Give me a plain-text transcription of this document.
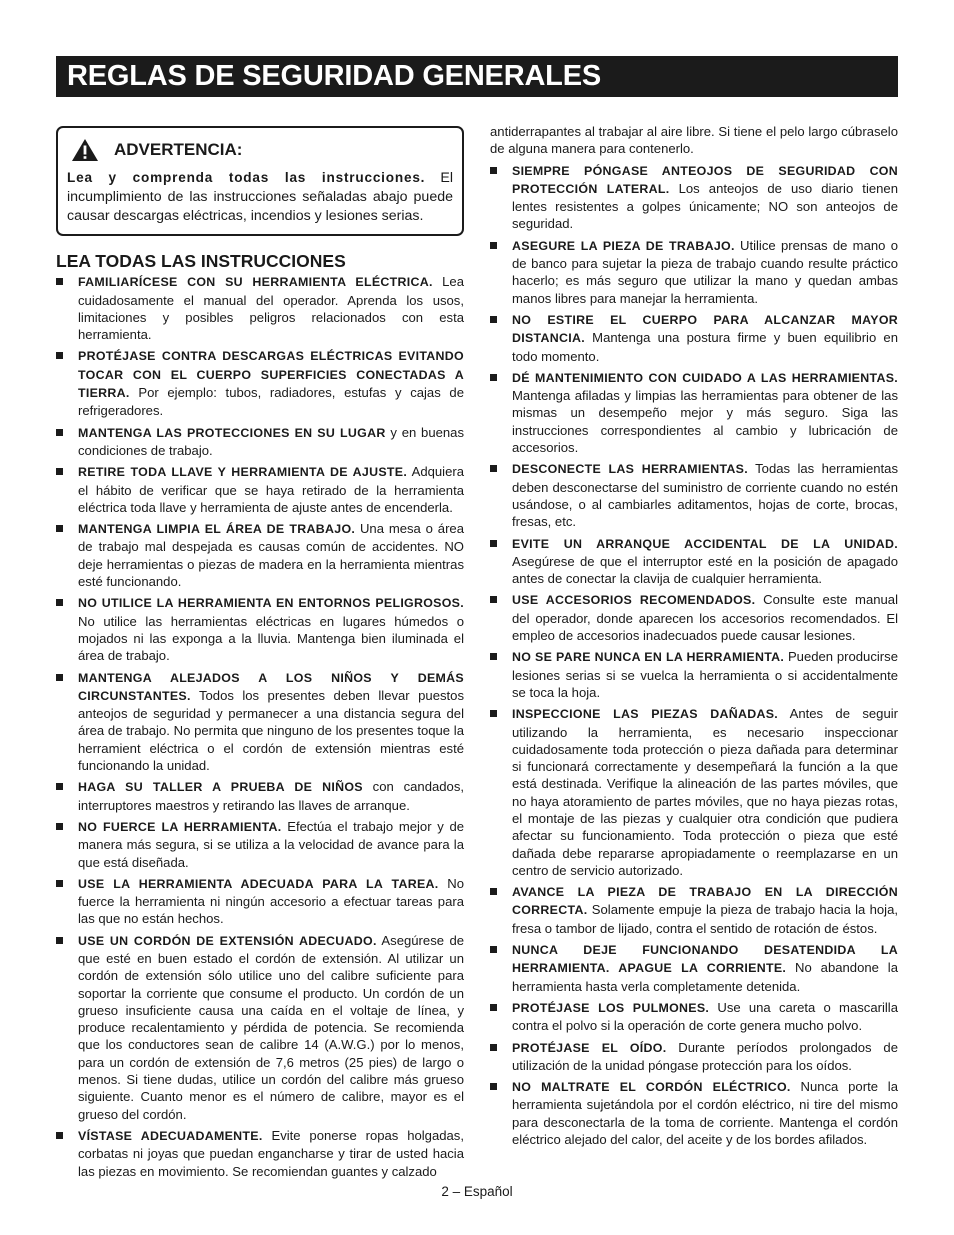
REGLAS DE SEGURIDAD GENERALES
ADVERTENCIA:
Lea y comprenda todas las instrucciones. El incumplimiento de las instrucciones señaladas abajo puede causar descargas eléctricas, incendios y lesiones serias.
LEA TODAS LAS INSTRUCCIONES
FAMILIARÍCESE CON SU HERRAMIENTA ELÉCTRICA. Lea cuidadosamente el manual del operador. Aprenda los usos, limitaciones y posibles peligros relacionados con esta herramienta.
PROTÉJASE CONTRA DESCARGAS ELÉCTRICAS EVITANDO TOCAR CON EL CUERPO SUPERFICIES CONECTADAS A TIERRA. Por ejemplo: tubos, radiadores, estufas y cajas de refrigeradores.
MANTENGA LAS PROTECCIONES EN SU LUGAR y en buenas condiciones de trabajo.
RETIRE TODA LLAVE Y HERRAMIENTA DE AJUSTE. Adquiera el hábito de verificar que se haya retirado de la herramienta eléctrica toda llave y herramienta de ajuste antes de encenderla.
MANTENGA LIMPIA EL ÁREA DE TRABAJO. Una mesa o área de trabajo mal despejada es causas común de accidentes. NO deje herramientas o piezas de madera en la herramienta mientras esté funcionando.
NO UTILICE LA HERRAMIENTA EN ENTORNOS PELIGROSOS. No utilice las herramientas eléctricas en lugares húmedos o mojados ni las exponga a la lluvia. Mantenga bien iluminada el área de trabajo.
MANTENGA ALEJADOS A LOS NIÑOS Y DEMÁS CIRCUNSTANTES. Todos los presentes deben llevar puestos anteojos de seguridad y permanecer a una distancia segura del área de trabajo. No permita que ninguno de los presentes toque la herramient eléctrica o el cordón de extensión mientras esté funcionando la unidad.
HAGA SU TALLER A PRUEBA DE NIÑOS con candados, interruptores maestros y retirando las llaves de arranque.
NO FUERCE LA HERRAMIENTA. Efectúa el trabajo mejor y de manera más segura, si se utiliza a la velocidad de avance para la que está diseñada.
USE LA HERRAMIENTA ADECUADA PARA LA TAREA. No fuerce la herramienta ni ningún accesorio a efectuar tareas para las que no están hechos.
USE UN CORDÓN DE EXTENSIÓN ADECUADO. Asegúrese de que esté en buen estado el cordón de extensión. Al utilizar un cordón de extensión sólo utilice uno del calibre suficiente para soportar la corriente que consume el producto. Un cordón de un grueso insuficiente causa una caída en el voltaje de línea, y produce recalentamiento y pérdida de potencia. Se recomienda que los conductores sean de calibre 14 (A.W.G.) por lo menos, para un cordón de extensión de 7,6 metros (25 pies) de largo o menos. Si tiene dudas, utilice un cordón del calibre más grueso siguiente. Cuanto menor es el número de calibre, mayor es el grueso del cordón.
VÍSTASE ADECUADAMENTE. Evite ponerse ropas holgadas, corbatas ni joyas que puedan engancharse y tirar de usted hacia las piezas en movimiento. Se recomiendan guantes y calzado
antiderrapantes al trabajar al aire libre. Si tiene el pelo largo cúbraselo de alguna manera para contenerlo.
SIEMPRE PÓNGASE ANTEOJOS DE SEGURIDAD CON PROTECCIÓN LATERAL. Los anteojos de uso diario tienen lentes resistentes a golpes únicamente; NO son anteojos de seguridad.
ASEGURE LA PIEZA DE TRABAJO. Utilice prensas de mano o de banco para sujetar la pieza de trabajo cuando resulte práctico hacerlo; es más seguro que utilizar la mano y quedan ambas manos libres para manejar la herramienta.
NO ESTIRE EL CUERPO PARA ALCANZAR MAYOR DISTANCIA. Mantenga una postura firme y buen equilibrio en todo momento.
DÉ MANTENIMIENTO CON CUIDADO A LAS HERRAMIENTAS. Mantenga afiladas y limpias las herramientas para obtener de las mismas un desempeño mejor y más seguro. Siga las instrucciones correspondientes al cambio y lubricación de accesorios.
DESCONECTE LAS HERRAMIENTAS. Todas las herramientas deben desconectarse del suministro de corriente cuando no estén usándose, o al cambiarles aditamentos, hojas de corte, brocas, fresas, etc.
EVITE UN ARRANQUE ACCIDENTAL DE LA UNIDAD. Asegúrese de que el interruptor esté en la posición de apagado antes de conectar la clavija de cualquier herramienta.
USE ACCESORIOS RECOMENDADOS. Consulte este manual del operador, donde aparecen los accesorios recomendados. El empleo de accesorios inadecuados puede causar lesiones.
NO SE PARE NUNCA EN LA HERRAMIENTA. Pueden producirse lesiones serias si se vuelca la herramienta o si accidentalmente se toca la hoja.
INSPECCIONE LAS PIEZAS DAÑADAS. Antes de seguir utilizando la herramienta, es necesario inspeccionar cuidadosamente toda protección o pieza dañada para determinar si funcionará correctamente y desempeñará la función a la que está destinada. Verifique la alineación de las partes móviles, que no haya atoramiento de partes móviles, que no haya piezas rotas, el montaje de las piezas y cualquier otra condición que pudiera afectar su funcionamiento. Toda protección o pieza que esté dañada debe repararse apropiadamente o reemplazarse en un centro de servicio autorizado.
AVANCE LA PIEZA DE TRABAJO EN LA DIRECCIÓN CORRECTA. Solamente empuje la pieza de trabajo hacia la hoja, fresa o tambor de lijado, contra el sentido de rotación de éstos.
NUNCA DEJE FUNCIONANDO DESATENDIDA LA HERRAMIENTA. APAGUE LA CORRIENTE. No abandone la herramienta hasta verla completamente detenida.
PROTÉJASE LOS PULMONES. Use una careta o mascarilla contra el polvo si la operación de corte genera mucho polvo.
PROTÉJASE EL OÍDO. Durante períodos prolongados de utilización de la unidad póngase protección para los oídos.
NO MALTRATE EL CORDÓN ELÉCTRICO. Nunca porte la herramienta sujetándola por el cordón eléctrico, ni tire del mismo para desconectarla de la toma de corriente. Mantenga el cordón eléctrico alejado del calor, del aceite y de los bordes afilados.
2 – Español
